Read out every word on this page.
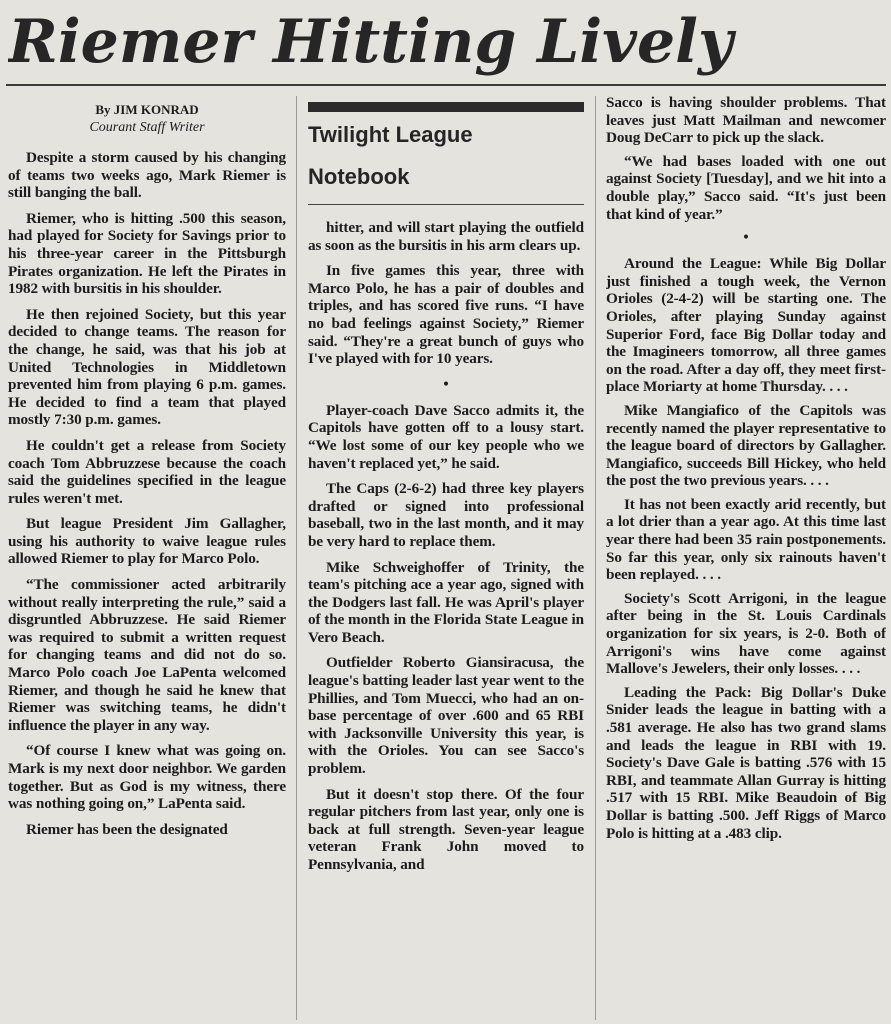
Riemer Hitting Lively
By JIM KONRAD
Courant Staff Writer

Despite a storm caused by his changing of teams two weeks ago, Mark Riemer is still banging the ball.

Riemer, who is hitting .500 this season, had played for Society for Savings prior to his three-year career in the Pittsburgh Pirates organization. He left the Pirates in 1982 with bursitis in his shoulder.

He then rejoined Society, but this year decided to change teams. The reason for the change, he said, was that his job at United Technologies in Middletown prevented him from playing 6 p.m. games. He decided to find a team that played mostly 7:30 p.m. games.

He couldn't get a release from Society coach Tom Abbruzzese because the coach said the guidelines specified in the league rules weren't met.

But league President Jim Gallagher, using his authority to waive league rules allowed Riemer to play for Marco Polo.

“The commissioner acted arbitrarily without really interpreting the rule,” said a disgruntled Abbruzzese. He said Riemer was required to submit a written request for changing teams and did not do so. Marco Polo coach Joe LaPenta welcomed Riemer, and though he said he knew that Riemer was switching teams, he didn't influence the player in any way.

“Of course I knew what was going on. Mark is my next door neighbor. We garden together. But as God is my witness, there was nothing going on,” LaPenta said.

Riemer has been the designated

Twilight League
Notebook

hitter, and will start playing the outfield as soon as the bursitis in his arm clears up.

In five games this year, three with Marco Polo, he has a pair of doubles and triples, and has scored five runs. “I have no bad feelings against Society,” Riemer said. “They're a great bunch of guys who I've played with for 10 years.

•

Player-coach Dave Sacco admits it, the Capitols have gotten off to a lousy start. “We lost some of our key people who we haven't replaced yet,” he said.

The Caps (2-6-2) had three key players drafted or signed into professional baseball, two in the last month, and it may be very hard to replace them.

Mike Schweighoffer of Trinity, the team's pitching ace a year ago, signed with the Dodgers last fall. He was April's player of the month in the Florida State League in Vero Beach.

Outfielder Roberto Giansiracusa, the league's batting leader last year went to the Phillies, and Tom Muecci, who had an on-base percentage of over .600 and 65 RBI with Jacksonville University this year, is with the Orioles. You can see Sacco's problem.

But it doesn't stop there. Of the four regular pitchers from last year, only one is back at full strength. Seven-year league veteran Frank John moved to Pennsylvania, and

Sacco is having shoulder problems. That leaves just Matt Mailman and newcomer Doug DeCarr to pick up the slack.

“We had bases loaded with one out against Society [Tuesday], and we hit into a double play,” Sacco said. “It's just been that kind of year.”

•

Around the League: While Big Dollar just finished a tough week, the Vernon Orioles (2-4-2) will be starting one. The Orioles, after playing Sunday against Superior Ford, face Big Dollar today and the Imagineers tomorrow, all three games on the road. After a day off, they meet first-place Moriarty at home Thursday. . . .

Mike Mangiafico of the Capitols was recently named the player representative to the league board of directors by Gallagher. Mangiafico, succeeds Bill Hickey, who held the post the two previous years. . . .

It has not been exactly arid recently, but a lot drier than a year ago. At this time last year there had been 35 rain postponements. So far this year, only six rainouts haven't been replayed. . . .

Society's Scott Arrigoni, in the league after being in the St. Louis Cardinals organization for six years, is 2-0. Both of Arrigoni's wins have come against Mallove's Jewelers, their only losses. . . .

Leading the Pack: Big Dollar's Duke Snider leads the league in batting with a .581 average. He also has two grand slams and leads the league in RBI with 19. Society's Dave Gale is batting .576 with 15 RBI, and teammate Allan Gurray is hitting .517 with 15 RBI. Mike Beaudoin of Big Dollar is batting .500. Jeff Riggs of Marco Polo is hitting at a .483 clip.
